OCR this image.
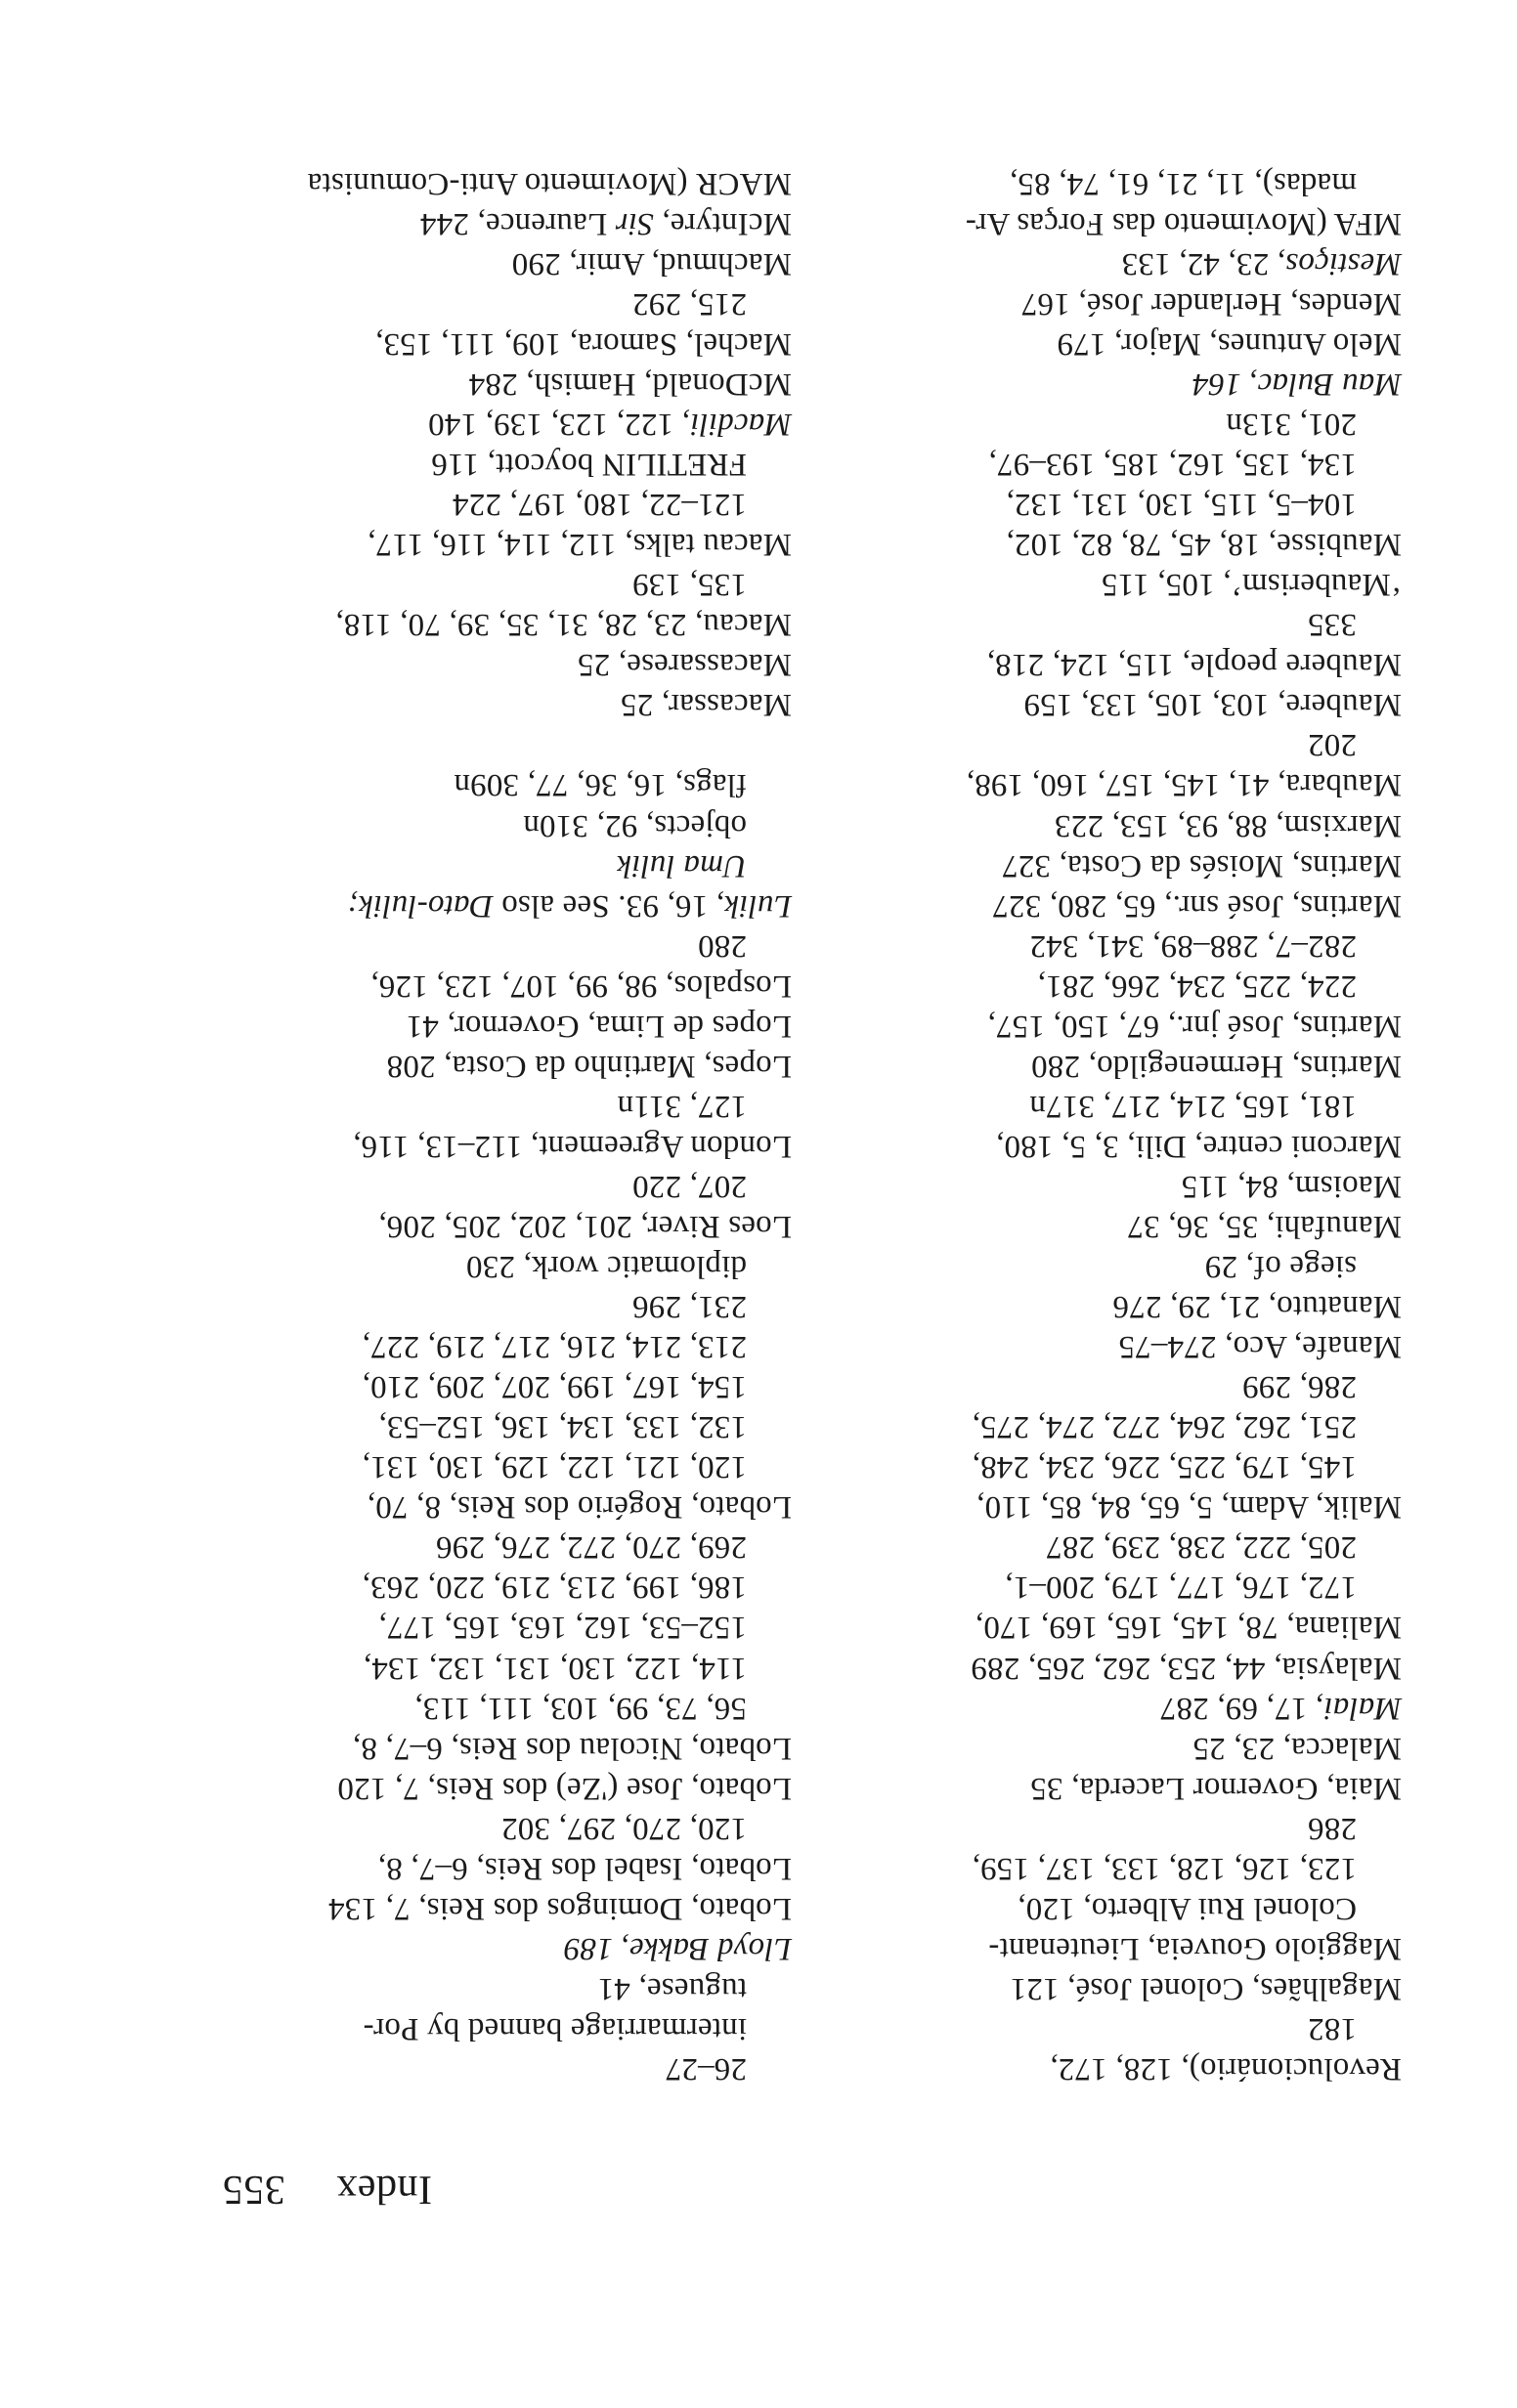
Index355
Revolucionário), 128, 172,
182
Magalhães, Colonel José, 121
Maggiolo Gouveia, Lieutenant-
Colonel Rui Alberto, 120,
123, 126, 128, 133, 137, 159,
286
Maia, Governor Lacerda, 35
Malacca, 23, 25
Malai, 17, 69, 287
Malaysia, 44, 253, 262, 265, 289
Maliana, 78, 145, 165, 169, 170,
172, 176, 177, 179, 200–1,
205, 222, 238, 239, 287
Malik, Adam, 5, 65, 84, 85, 110,
145, 179, 225, 226, 234, 248,
251, 262, 264, 272, 274, 275,
286, 299
Manafe, Aco, 274–75
Manatuto, 21, 29, 276
siege of, 29
Manufahi, 35, 36, 37
Maoism, 84, 115
Marconi centre, Dili, 3, 5, 180,
181, 165, 214, 217, 317n
Martins, Hermenegildo, 280
Martins, José jnr., 67, 150, 157,
224, 225, 234, 266, 281,
282–7, 288–89, 341, 342
Martins, José snr., 65, 280, 327
Martins, Moisés da Costa, 327
Marxism, 88, 93, 153, 223
Maubara, 41, 145, 157, 160, 198,
202
Maubere, 103, 105, 133, 159
Maubere people, 115, 124, 218,
335
‘Mauberism’, 105, 115
Maubisse, 18, 45, 78, 82, 102,
104–5, 115, 130, 131, 132,
134, 135, 162, 185, 193–97,
201, 313n
Mau Bulac, 164
Melo Antunes, Major, 179
Mendes, Herlander José, 167
Mestiços, 23, 42, 133
MFA (Movimento das Forças Ar-
madas), 11, 21, 61, 74, 85,
26–27
intermarriage banned by Por-
tuguese, 41
Lloyd Bakke, 189
Lobato, Domingos dos Reis, 7, 134
Lobato, Isabel dos Reis, 6–7, 8,
120, 270, 297, 302
Lobato, Jose ('Ze) dos Reis, 7, 120
Lobato, Nicolau dos Reis, 6–7, 8,
56, 73, 99, 103, 111, 113,
114, 122, 130, 131, 132, 134,
152–53, 162, 163, 165, 177,
186, 199, 213, 219, 220, 263,
269, 270, 272, 276, 296
Lobato, Rogério dos Reis, 8, 70,
120, 121, 122, 129, 130, 131,
132, 133, 134, 136, 152–53,
154, 167, 199, 207, 209, 210,
213, 214, 216, 217, 219, 227,
231, 296
diplomatic work, 230
Loes River, 201, 202, 205, 206,
207, 220
London Agreement, 112–13, 116,
127, 311n
Lopes, Martinho da Costa, 208
Lopes de Lima, Governor, 41
Lospalos, 98, 99, 107, 123, 126,
280
Lulik, 16, 93. See also Dato-lulik;
Uma lulik
objects, 92, 310n
flags, 16, 36, 77, 309n
Macassar, 25
Macassarese, 25
Macau, 23, 28, 31, 35, 39, 70, 118,
135, 139
Macau talks, 112, 114, 116, 117,
121–22, 180, 197, 224
FRETILIN boycott, 116
Macdili, 122, 123, 139, 140
McDonald, Hamish, 284
Machel, Samora, 109, 111, 153,
215, 292
Machmud, Amir, 290
McIntyre, Sir Laurence, 244
MACR (Movimento Anti-Comunista
